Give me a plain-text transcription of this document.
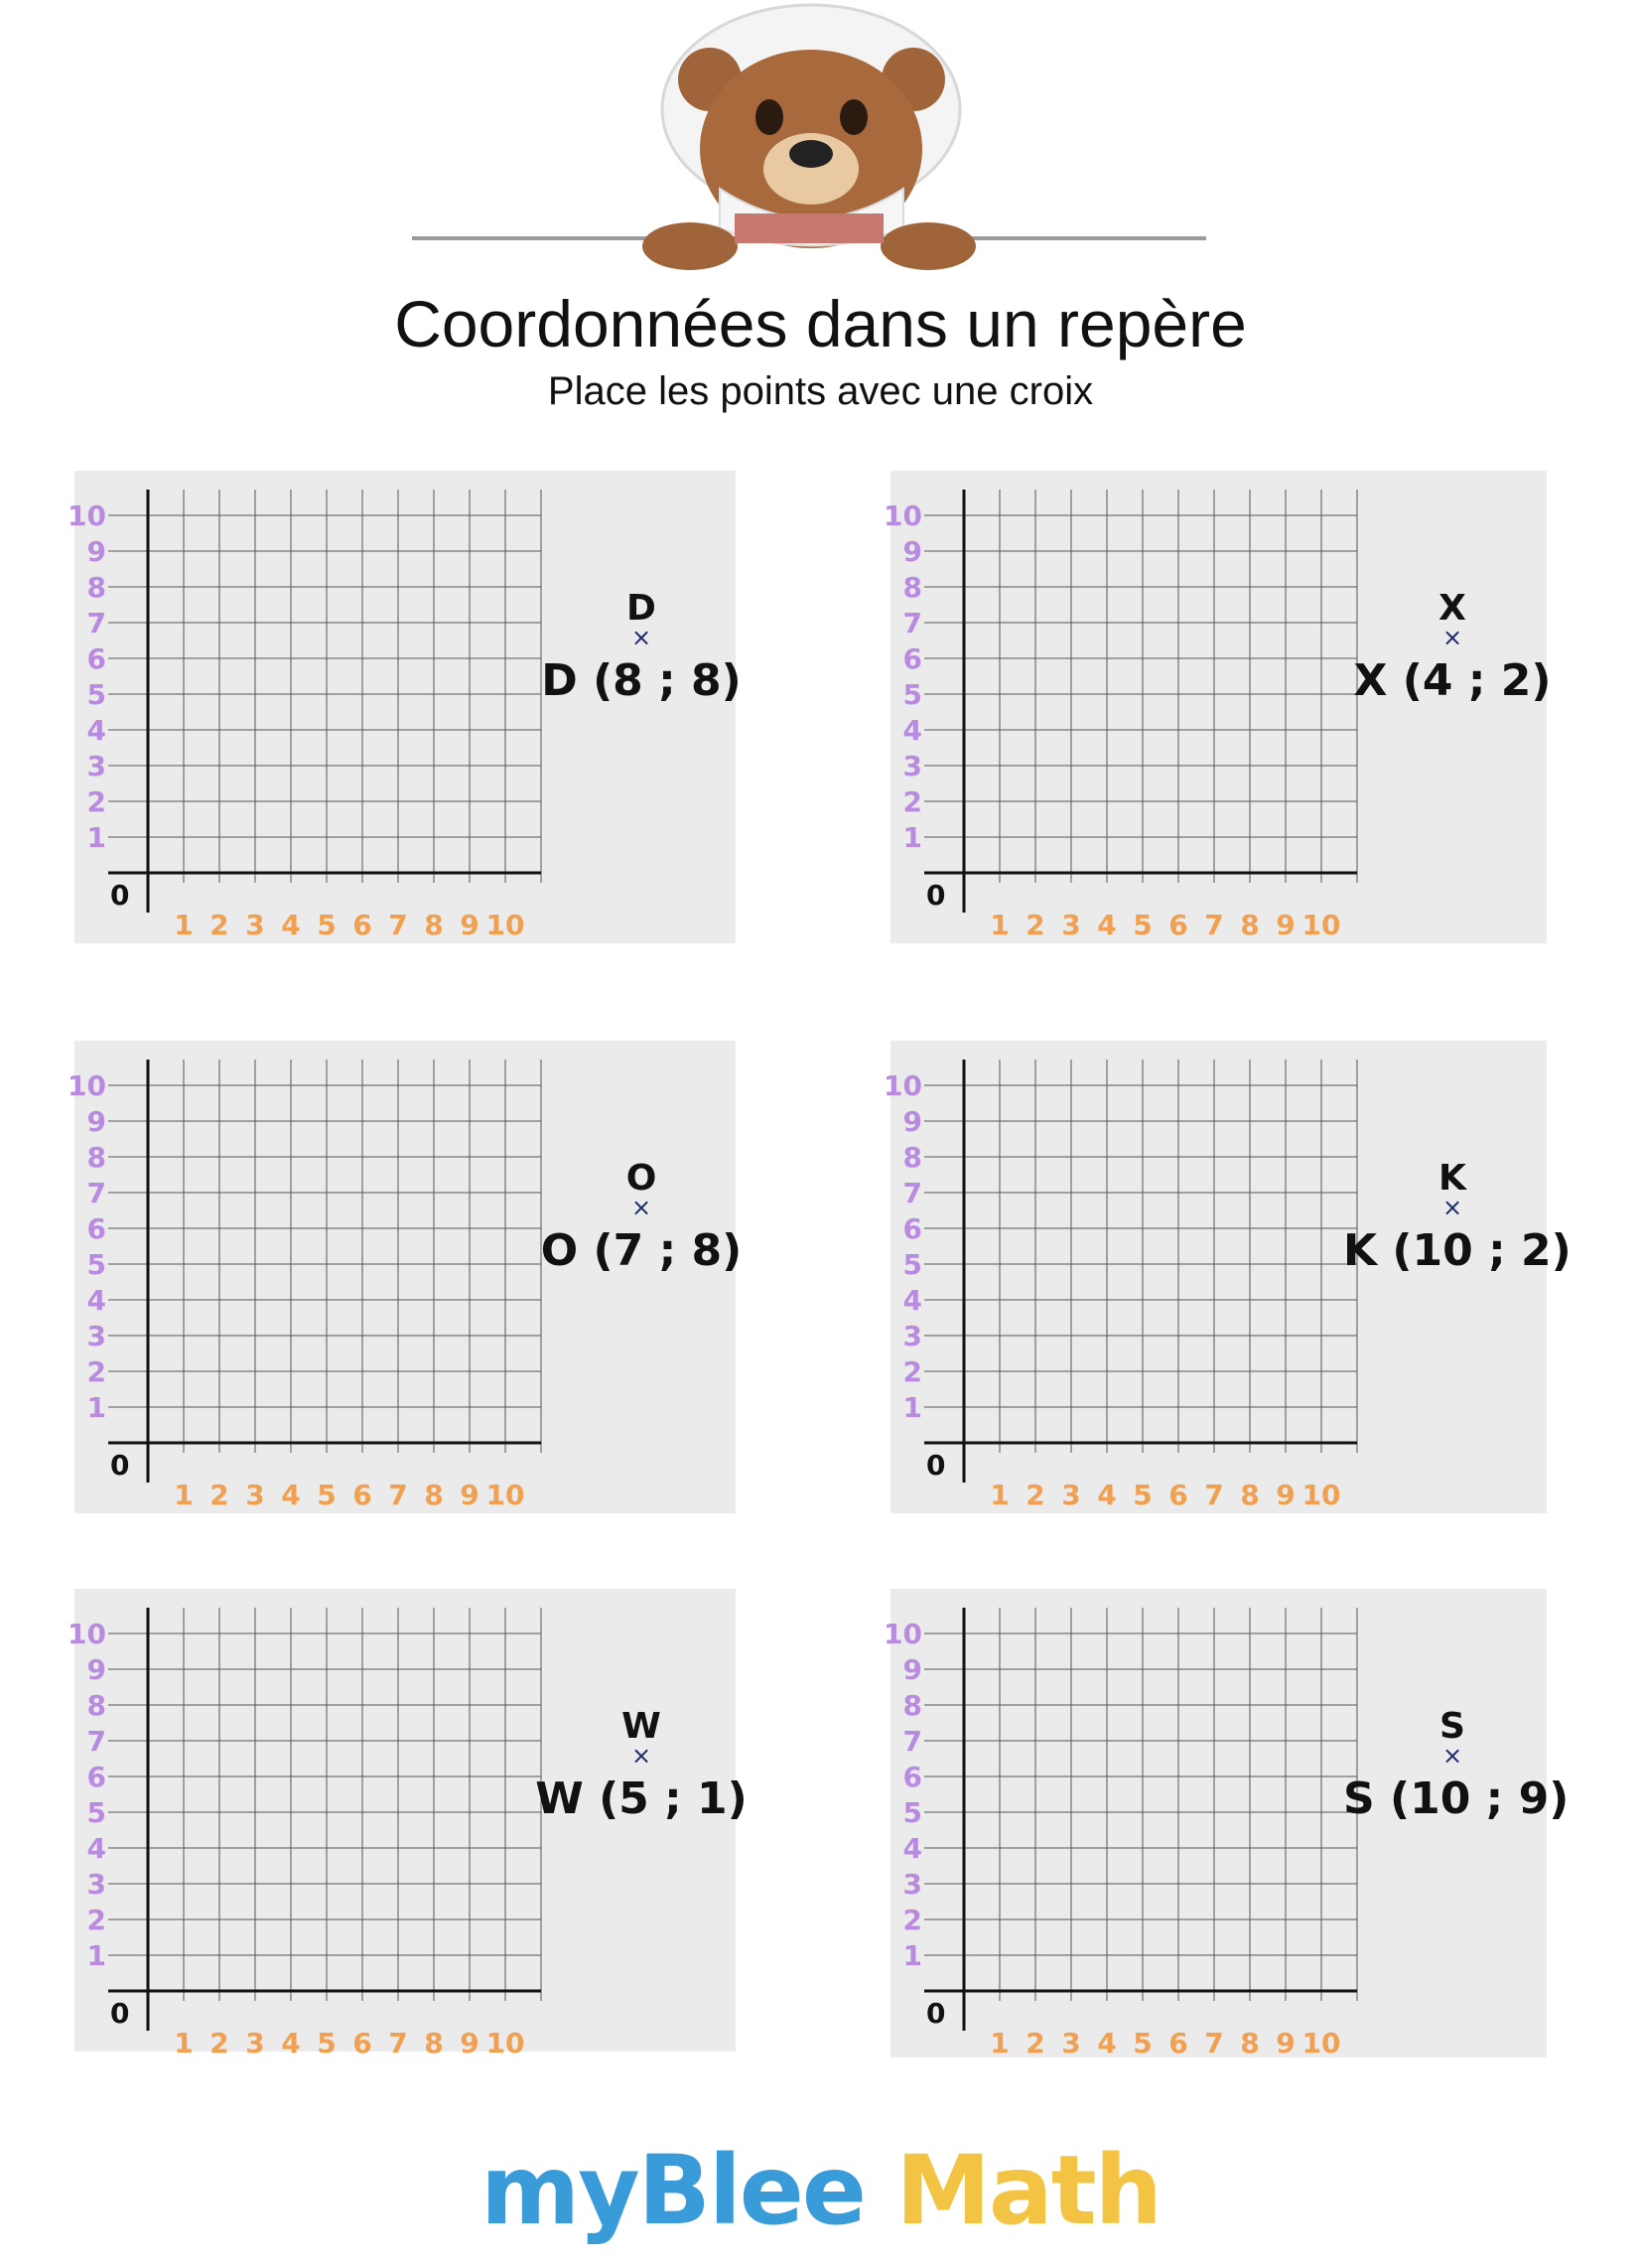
Coordonnées dans un repère
Place les points avec une croix
0
1 2 3 4 5 6 7 8 9 10
1
2
3
4
5
6
7
8
9
10
D
×
D (8 ; 8)
0
1 2 3 4 5 6 7 8 9 10
1
2
3
4
5
6
7
8
9
10
X
×
X (4 ; 2)
0
1 2 3 4 5 6 7 8 9 10
1
2
3
4
5
6
7
8
9
10
O
×
O (7 ; 8)
0
1 2 3 4 5 6 7 8 9 10
1
2
3
4
5
6
7
8
9
10
K
×
K (10 ; 2)
0
1 2 3 4 5 6 7 8 9 10
1
2
3
4
5
6
7
8
9
10
W
×
W (5 ; 1)
0
1 2 3 4 5 6 7 8 9 10
1
2
3
4
5
6
7
8
9
10
S
×
S (10 ; 9)
myBlee Math
